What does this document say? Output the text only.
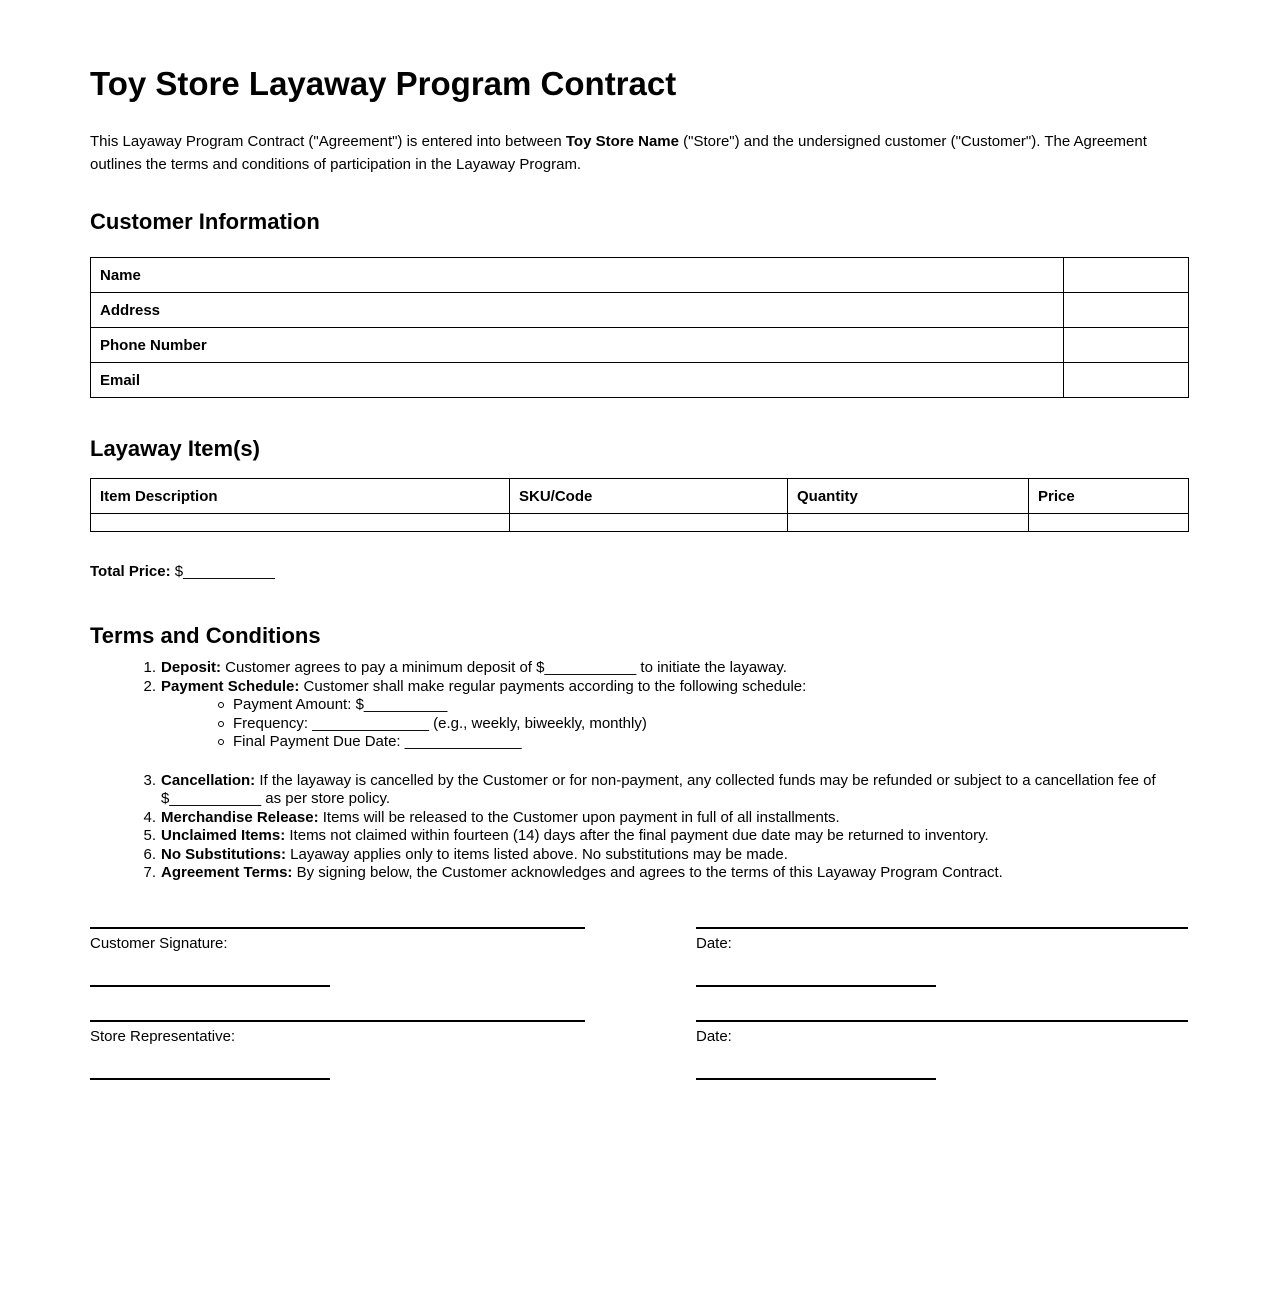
Toy Store Layaway Program Contract

This Layaway Program Contract ("Agreement") is entered into between Toy Store Name ("Store") and the undersigned customer ("Customer"). The Agreement outlines the terms and conditions of participation in the Layaway Program.

Customer Information
Name	
Address	
Phone Number	
Email	
Layaway Item(s)
Item Description	SKU/Code	Quantity	Price

Total Price: $___________

Terms and Conditions
1. Deposit: Customer agrees to pay a minimum deposit of $___________ to initiate the layaway.
2. Payment Schedule: Customer shall make regular payments according to the following schedule:
Payment Amount: $__________
Frequency: ______________ (e.g., weekly, biweekly, monthly)
Final Payment Due Date: ______________
3. Cancellation: If the layaway is cancelled by the Customer or for non-payment, any collected funds may be refunded or subject to a cancellation fee of $___________ as per store policy.
4. Merchandise Release: Items will be released to the Customer upon payment in full of all installments.
5. Unclaimed Items: Items not claimed within fourteen (14) days after the final payment due date may be returned to inventory.
6. No Substitutions: Layaway applies only to items listed above. No substitutions may be made.
7. Agreement Terms: By signing below, the Customer acknowledges and agrees to the terms of this Layaway Program Contract.
Customer Signature:	Date:
Store Representative:	Date:
